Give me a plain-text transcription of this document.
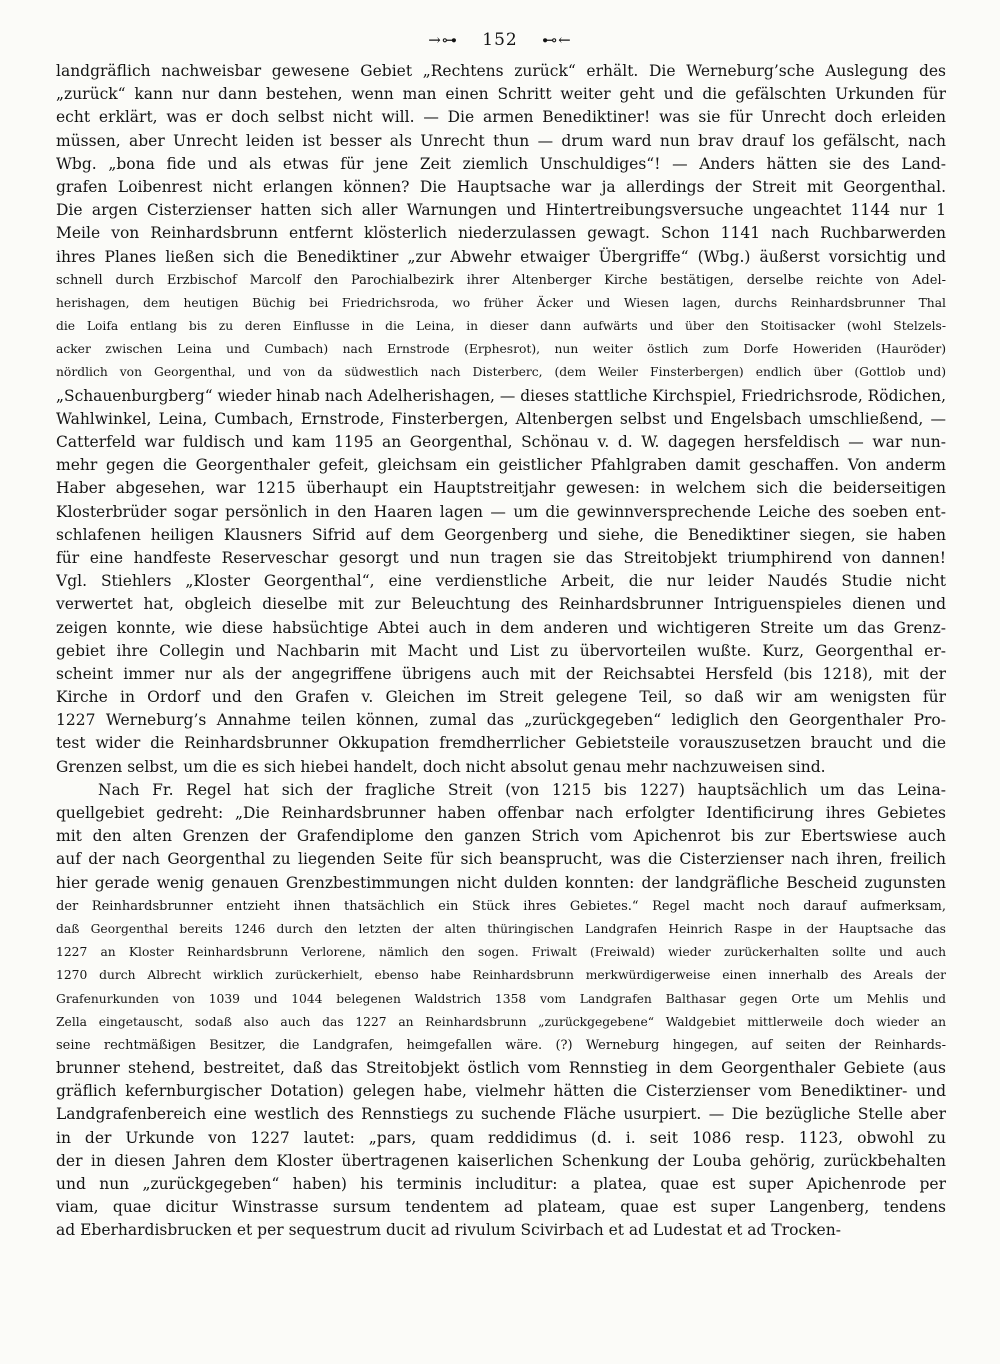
→⊶ 152 ⊷←
landgräflich nachweisbar gewesene Gebiet „Rechtens zurück“ erhält. Die Werneburg’sche Auslegung des
„zurück“ kann nur dann bestehen, wenn man einen Schritt weiter geht und die gefälschten Urkunden für
echt erklärt, was er doch selbst nicht will. — Die armen Benediktiner! was sie für Unrecht doch erleiden
müssen, aber Unrecht leiden ist besser als Unrecht thun — drum ward nun brav drauf los gefälscht, nach
Wbg. „bona fide und als etwas für jene Zeit ziemlich Unschuldiges“! — Anders hätten sie des Land-
grafen Loibenrest nicht erlangen können? Die Hauptsache war ja allerdings der Streit mit Georgenthal.
Die argen Cisterzienser hatten sich aller Warnungen und Hintertreibungsversuche ungeachtet 1144 nur 1
Meile von Reinhardsbrunn entfernt klösterlich niederzulassen gewagt. Schon 1141 nach Ruchbarwerden
ihres Planes ließen sich die Benediktiner „zur Abwehr etwaiger Übergriffe“ (Wbg.) äußerst vorsichtig und
schnell durch Erzbischof Marcolf den Parochialbezirk ihrer Altenberger Kirche bestätigen, derselbe reichte von Adel-
herishagen, dem heutigen Büchig bei Friedrichsroda, wo früher Äcker und Wiesen lagen, durchs Reinhardsbrunner Thal
die Loifa entlang bis zu deren Einflusse in die Leina, in dieser dann aufwärts und über den Stoitisacker (wohl Stelzels-
acker zwischen Leina und Cumbach) nach Ernstrode (Erphesrot), nun weiter östlich zum Dorfe Howeriden (Hauröder)
nördlich von Georgenthal, und von da südwestlich nach Disterberc, (dem Weiler Finsterbergen) endlich über (Gottlob und)
„Schauenburgberg“ wieder hinab nach Adelherishagen, — dieses stattliche Kirchspiel, Friedrichsrode, Rödichen,
Wahlwinkel, Leina, Cumbach, Ernstrode, Finsterbergen, Altenbergen selbst und Engelsbach umschließend, —
Catterfeld war fuldisch und kam 1195 an Georgenthal, Schönau v. d. W. dagegen hersfeldisch — war nun-
mehr gegen die Georgenthaler gefeit, gleichsam ein geistlicher Pfahlgraben damit geschaffen. Von anderm
Haber abgesehen, war 1215 überhaupt ein Hauptstreitjahr gewesen: in welchem sich die beiderseitigen
Klosterbrüder sogar persönlich in den Haaren lagen — um die gewinnversprechende Leiche des soeben ent-
schlafenen heiligen Klausners Sifrid auf dem Georgenberg und siehe, die Benediktiner siegen, sie haben
für eine handfeste Reserveschar gesorgt und nun tragen sie das Streitobjekt triumphirend von dannen!
Vgl. Stiehlers „Kloster Georgenthal“, eine verdienstliche Arbeit, die nur leider Naudés Studie nicht
verwertet hat, obgleich dieselbe mit zur Beleuchtung des Reinhardsbrunner Intriguenspieles dienen und
zeigen konnte, wie diese habsüchtige Abtei auch in dem anderen und wichtigeren Streite um das Grenz-
gebiet ihre Collegin und Nachbarin mit Macht und List zu übervorteilen wußte. Kurz, Georgenthal er-
scheint immer nur als der angegriffene übrigens auch mit der Reichsabtei Hersfeld (bis 1218), mit der
Kirche in Ordorf und den Grafen v. Gleichen im Streit gelegene Teil, so daß wir am wenigsten für
1227 Werneburg’s Annahme teilen können, zumal das „zurückgegeben“ lediglich den Georgenthaler Pro-
test wider die Reinhardsbrunner Okkupation fremdherrlicher Gebietsteile vorauszusetzen braucht und die
Grenzen selbst, um die es sich hiebei handelt, doch nicht absolut genau mehr nachzuweisen sind.
Nach Fr. Regel hat sich der fragliche Streit (von 1215 bis 1227) hauptsächlich um das Leina-
quellgebiet gedreht: „Die Reinhardsbrunner haben offenbar nach erfolgter Identificirung ihres Gebietes
mit den alten Grenzen der Grafendiplome den ganzen Strich vom Apichenrot bis zur Ebertswiese auch
auf der nach Georgenthal zu liegenden Seite für sich beansprucht, was die Cisterzienser nach ihren, freilich
hier gerade wenig genauen Grenzbestimmungen nicht dulden konnten: der landgräfliche Bescheid zugunsten
der Reinhardsbrunner entzieht ihnen thatsächlich ein Stück ihres Gebietes.“ Regel macht noch darauf aufmerksam,
daß Georgenthal bereits 1246 durch den letzten der alten thüringischen Landgrafen Heinrich Raspe in der Hauptsache das
1227 an Kloster Reinhardsbrunn Verlorene, nämlich den sogen. Friwalt (Freiwald) wieder zurückerhalten sollte und auch
1270 durch Albrecht wirklich zurückerhielt, ebenso habe Reinhardsbrunn merkwürdigerweise einen innerhalb des Areals der
Grafenurkunden von 1039 und 1044 belegenen Waldstrich 1358 vom Landgrafen Balthasar gegen Orte um Mehlis und
Zella eingetauscht, sodaß also auch das 1227 an Reinhardsbrunn „zurückgegebene“ Waldgebiet mittlerweile doch wieder an
seine rechtmäßigen Besitzer, die Landgrafen, heimgefallen wäre. (?) Werneburg hingegen, auf seiten der Reinhards-
brunner stehend, bestreitet, daß das Streitobjekt östlich vom Rennstieg in dem Georgenthaler Gebiete (aus
gräflich kefernburgischer Dotation) gelegen habe, vielmehr hätten die Cisterzienser vom Benediktiner- und
Landgrafenbereich eine westlich des Rennstiegs zu suchende Fläche usurpiert. — Die bezügliche Stelle aber
in der Urkunde von 1227 lautet: „pars, quam reddidimus (d. i. seit 1086 resp. 1123, obwohl zu
der in diesen Jahren dem Kloster übertragenen kaiserlichen Schenkung der Louba gehörig, zurückbehalten
und nun „zurückgegeben“ haben) his terminis includitur: a platea, quae est super Apichenrode per
viam, quae dicitur Winstrasse sursum tendentem ad plateam, quae est super Langenberg, tendens
ad Eberhardisbrucken et per sequestrum ducit ad rivulum Scivirbach et ad Ludestat et ad Trocken-
